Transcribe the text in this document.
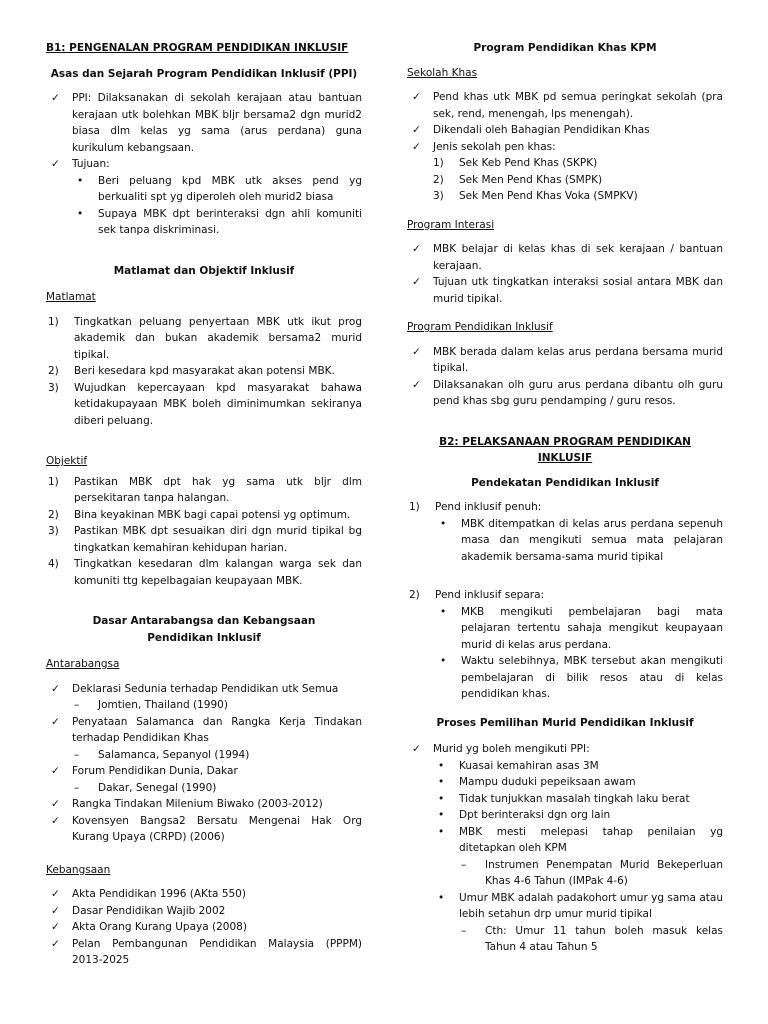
B1: PENGENALAN PROGRAM PENDIDIKAN INKLUSIF
Asas dan Sejarah Program Pendidikan Inklusif (PPI)
✓ PPI: Dilaksanakan di sekolah kerajaan atau bantuan kerajaan utk bolehkan MBK bljr bersama2 dgn murid2 biasa dlm kelas yg sama (arus perdana) guna kurikulum kebangsaan.
✓ Tujuan:
• Beri peluang kpd MBK utk akses pend yg berkualiti spt yg diperoleh oleh murid2 biasa
• Supaya MBK dpt berinteraksi dgn ahli komuniti sek tanpa diskriminasi.
Matlamat dan Objektif Inklusif
Matlamat
1) Tingkatkan peluang penyertaan MBK utk ikut prog akademik dan bukan akademik bersama2 murid tipikal.
2) Beri kesedara kpd masyarakat akan potensi MBK.
3) Wujudkan kepercayaan kpd masyarakat bahawa ketidakupayaan MBK boleh diminimumkan sekiranya diberi peluang.
Objektif
1) Pastikan MBK dpt hak yg sama utk bljr dlm persekitaran tanpa halangan.
2) Bina keyakinan MBK bagi capai potensi yg optimum.
3) Pastikan MBK dpt sesuaikan diri dgn murid tipikal bg tingkatkan kemahiran kehidupan harian.
4) Tingkatkan kesedaran dlm kalangan warga sek dan komuniti ttg kepelbagaian keupayaan MBK.
Dasar Antarabangsa dan Kebangsaan Pendidikan Inklusif
Antarabangsa
✓ Deklarasi Sedunia terhadap Pendidikan utk Semua
– Jomtien, Thailand (1990)
✓ Penyataan Salamanca dan Rangka Kerja Tindakan terhadap Pendidikan Khas
– Salamanca, Sepanyol (1994)
✓ Forum Pendidikan Dunia, Dakar
– Dakar, Senegal (1990)
✓ Rangka Tindakan Milenium Biwako (2003-2012)
✓ Kovensyen Bangsa2 Bersatu Mengenai Hak Org Kurang Upaya (CRPD) (2006)
Kebangsaan
✓ Akta Pendidikan 1996 (AKta 550)
✓ Dasar Pendidikan Wajib 2002
✓ Akta Orang Kurang Upaya (2008)
✓ Pelan Pembangunan Pendidikan Malaysia (PPPM) 2013-2025
Program Pendidikan Khas KPM
Sekolah Khas
✓ Pend khas utk MBK pd semua peringkat sekolah (pra sek, rend, menengah, lps menengah).
✓ Dikendali oleh Bahagian Pendidikan Khas
✓ Jenis sekolah pen khas:
1) Sek Keb Pend Khas (SKPK)
2) Sek Men Pend Khas (SMPK)
3) Sek Men Pend Khas Voka (SMPKV)
Program Interasi
✓ MBK belajar di kelas khas di sek kerajaan / bantuan kerajaan.
✓ Tujuan utk tingkatkan interaksi sosial antara MBK dan murid tipikal.
Program Pendidikan Inklusif
✓ MBK berada dalam kelas arus perdana bersama murid tipikal.
✓ Dilaksanakan olh guru arus perdana dibantu olh guru pend khas sbg guru pendamping / guru resos.
B2: PELAKSANAAN PROGRAM PENDIDIKAN INKLUSIF
Pendekatan Pendidikan Inklusif
1) Pend inklusif penuh:
• MBK ditempatkan di kelas arus perdana sepenuh masa dan mengikuti semua mata pelajaran akademik bersama-sama murid tipikal
2) Pend inklusif separa:
• MKB mengikuti pembelajaran bagi mata pelajaran tertentu sahaja mengikut keupayaan murid di kelas arus perdana.
• Waktu selebihnya, MBK tersebut akan mengikuti pembelajaran di bilik resos atau di kelas pendidikan khas.
Proses Pemilihan Murid Pendidikan Inklusif
✓ Murid yg boleh mengikuti PPI:
• Kuasai kemahiran asas 3M
• Mampu duduki pepeiksaan awam
• Tidak tunjukkan masalah tingkah laku berat
• Dpt berinteraksi dgn org lain
• MBK mesti melepasi tahap penilaian yg ditetapkan oleh KPM
– Instrumen Penempatan Murid Bekeperluan Khas 4-6 Tahun (IMPak 4-6)
• Umur MBK adalah padakohort umur yg sama atau lebih setahun drp umur murid tipikal
– Cth: Umur 11 tahun boleh masuk kelas Tahun 4 atau Tahun 5
